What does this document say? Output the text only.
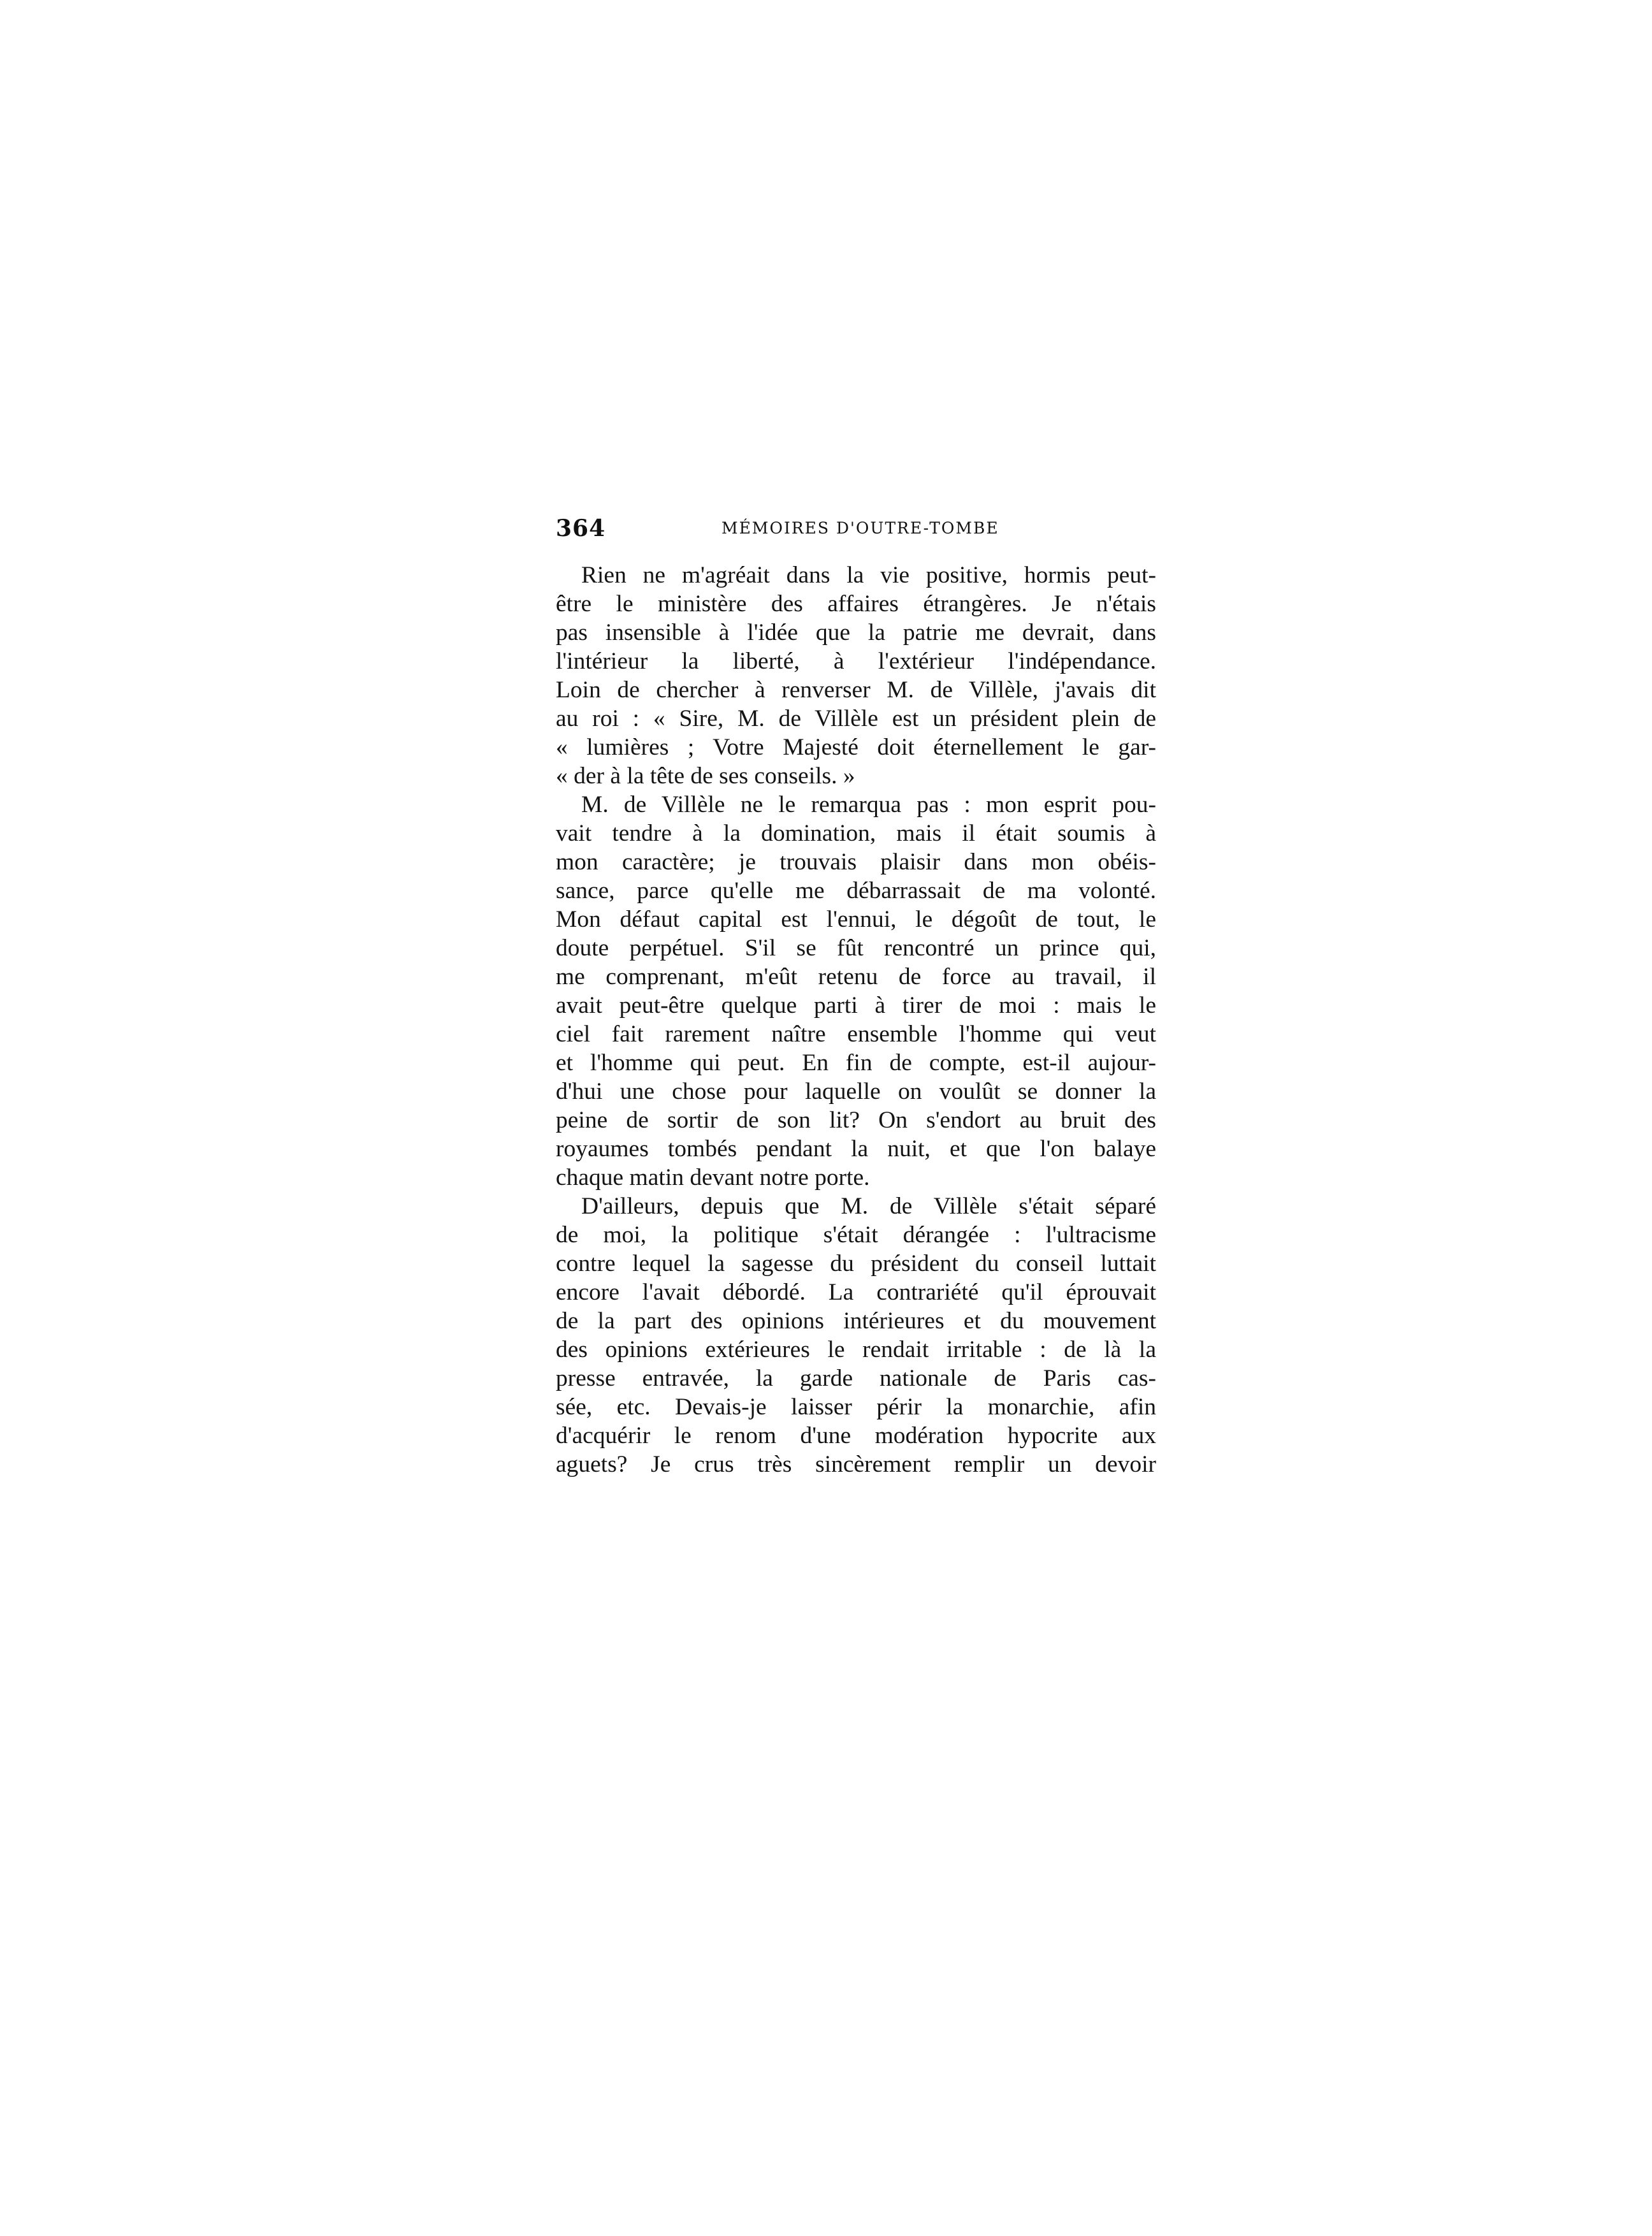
364	MÉMOIRES D'OUTRE-TOMBE
Rien ne m'agréait dans la vie positive, hormis peut-
être le ministère des affaires étrangères. Je n'étais
pas insensible à l'idée que la patrie me devrait, dans
l'intérieur la liberté, à l'extérieur l'indépendance.
Loin de chercher à renverser M. de Villèle, j'avais dit
au roi : « Sire, M. de Villèle est un président plein de
« lumières ; Votre Majesté doit éternellement le gar-
« der à la tête de ses conseils. »
M. de Villèle ne le remarqua pas : mon esprit pou-
vait tendre à la domination, mais il était soumis à
mon caractère; je trouvais plaisir dans mon obéis-
sance, parce qu'elle me débarrassait de ma volonté.
Mon défaut capital est l'ennui, le dégoût de tout, le
doute perpétuel. S'il se fût rencontré un prince qui,
me comprenant, m'eût retenu de force au travail, il
avait peut-être quelque parti à tirer de moi : mais le
ciel fait rarement naître ensemble l'homme qui veut
et l'homme qui peut. En fin de compte, est-il aujour-
d'hui une chose pour laquelle on voulût se donner la
peine de sortir de son lit? On s'endort au bruit des
royaumes tombés pendant la nuit, et que l'on balaye
chaque matin devant notre porte.
D'ailleurs, depuis que M. de Villèle s'était séparé
de moi, la politique s'était dérangée : l'ultracisme
contre lequel la sagesse du président du conseil luttait
encore l'avait débordé. La contrariété qu'il éprouvait
de la part des opinions intérieures et du mouvement
des opinions extérieures le rendait irritable : de là la
presse entravée, la garde nationale de Paris cas-
sée, etc. Devais-je laisser périr la monarchie, afin
d'acquérir le renom d'une modération hypocrite aux
aguets? Je crus très sincèrement remplir un devoir
